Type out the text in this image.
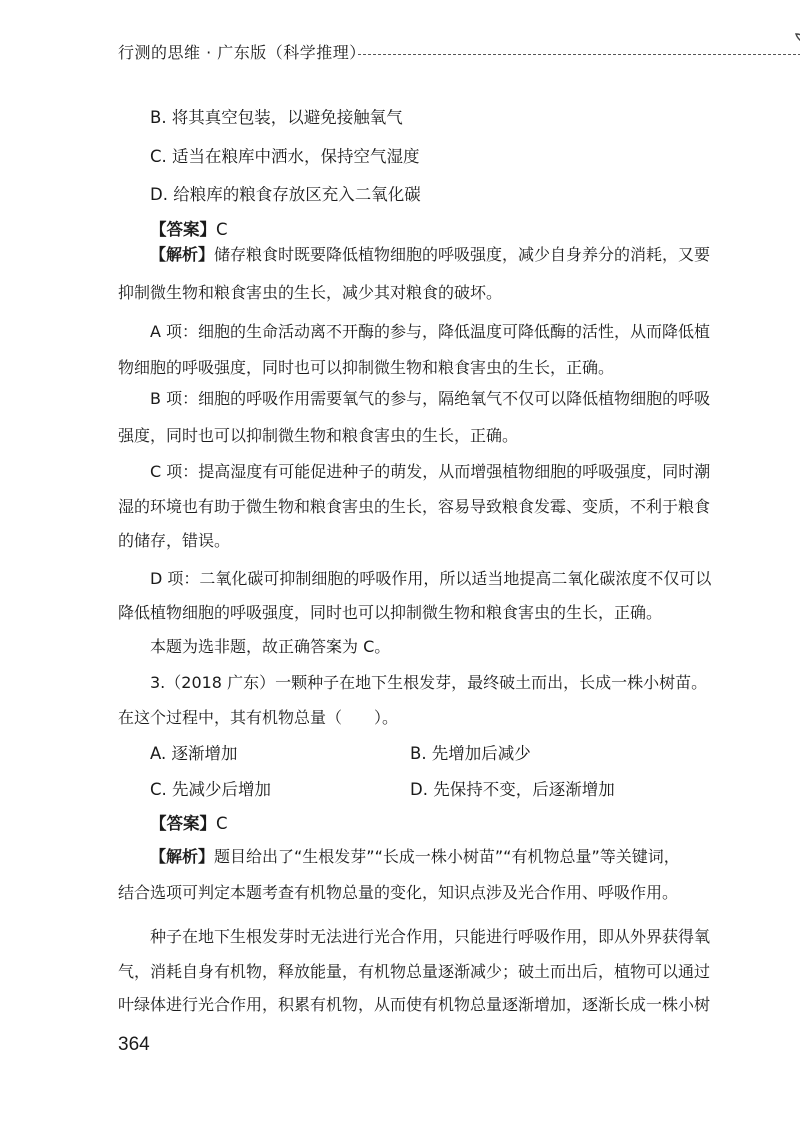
行测的思维 · 广东版（科学推理）
B. 将其真空包装，以避免接触氧气
C. 适当在粮库中洒水，保持空气湿度
D. 给粮库的粮食存放区充入二氧化碳
【答案】C
【解析】储存粮食时既要降低植物细胞的呼吸强度，减少自身养分的消耗，又要
抑制微生物和粮食害虫的生长，减少其对粮食的破坏。
A 项：细胞的生命活动离不开酶的参与，降低温度可降低酶的活性，从而降低植
物细胞的呼吸强度，同时也可以抑制微生物和粮食害虫的生长，正确。
B 项：细胞的呼吸作用需要氧气的参与，隔绝氧气不仅可以降低植物细胞的呼吸
强度，同时也可以抑制微生物和粮食害虫的生长，正确。
C 项：提高湿度有可能促进种子的萌发，从而增强植物细胞的呼吸强度，同时潮
湿的环境也有助于微生物和粮食害虫的生长，容易导致粮食发霉、变质，不利于粮食
的储存，错误。
D 项：二氧化碳可抑制细胞的呼吸作用，所以适当地提高二氧化碳浓度不仅可以
降低植物细胞的呼吸强度，同时也可以抑制微生物和粮食害虫的生长，正确。
本题为选非题，故正确答案为 C。
3.（2018 广东）一颗种子在地下生根发芽，最终破土而出，长成一株小树苗。
在这个过程中，其有机物总量（　　）。
A. 逐渐增加	B. 先增加后减少
C. 先减少后增加	D. 先保持不变，后逐渐增加
【答案】C
【解析】题目给出了“生根发芽”“长成一株小树苗”“有机物总量”等关键词，
结合选项可判定本题考查有机物总量的变化，知识点涉及光合作用、呼吸作用。
种子在地下生根发芽时无法进行光合作用，只能进行呼吸作用，即从外界获得氧
气，消耗自身有机物，释放能量，有机物总量逐渐减少；破土而出后，植物可以通过
叶绿体进行光合作用，积累有机物，从而使有机物总量逐渐增加，逐渐长成一株小树
364
